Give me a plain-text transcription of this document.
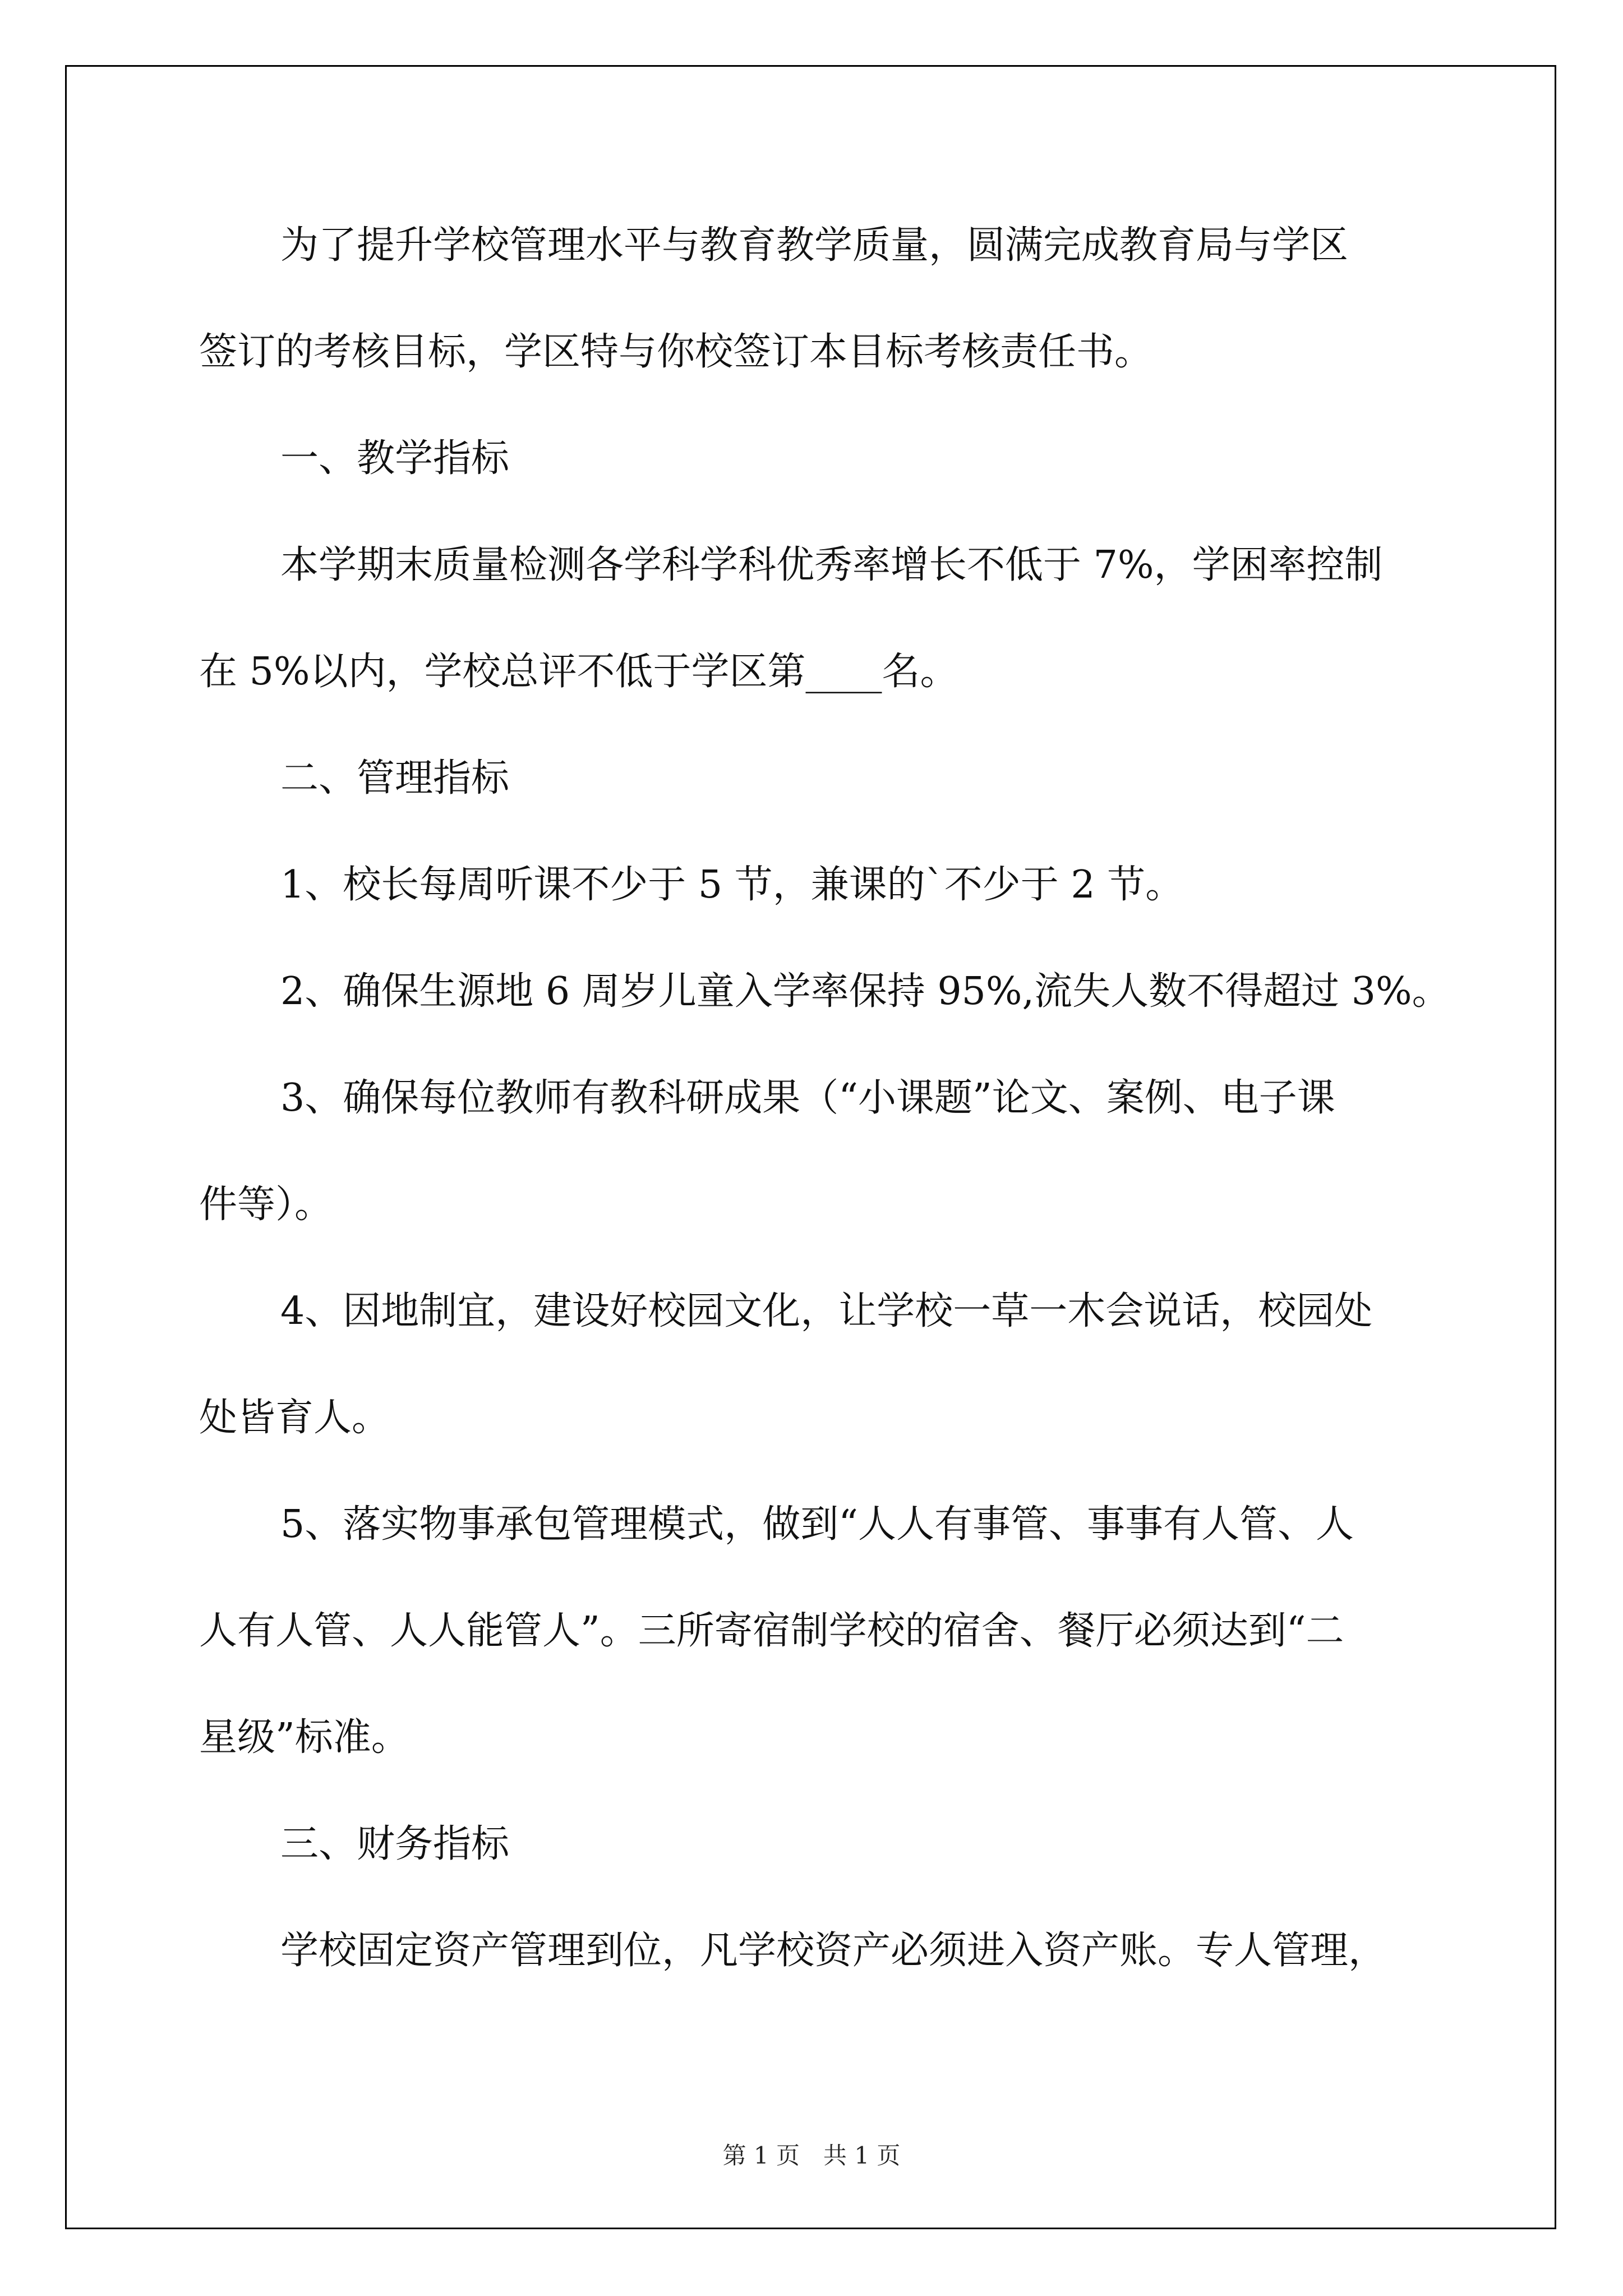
为了提升学校管理水平与教育教学质量，圆满完成教育局与学区
签订的考核目标，学区特与你校签订本目标考核责任书。
一、教学指标
本学期末质量检测各学科学科优秀率增长不低于 7%，学困率控制
在 5%以内，学校总评不低于学区第____名。
二、管理指标
1、校长每周听课不少于 5 节，兼课的`不少于 2 节。
2、确保生源地 6 周岁儿童入学率保持 95%,流失人数不得超过 3%。
3、确保每位教师有教科研成果（“小课题”论文、案例、电子课
件等）。
4、因地制宜，建设好校园文化，让学校一草一木会说话，校园处
处皆育人。
5、落实物事承包管理模式，做到“人人有事管、事事有人管、人
人有人管、人人能管人”。三所寄宿制学校的宿舍、餐厅必须达到“二
星级”标准。
三、财务指标
学校固定资产管理到位，凡学校资产必须进入资产账。专人管理，
第 1 页　共 1 页
